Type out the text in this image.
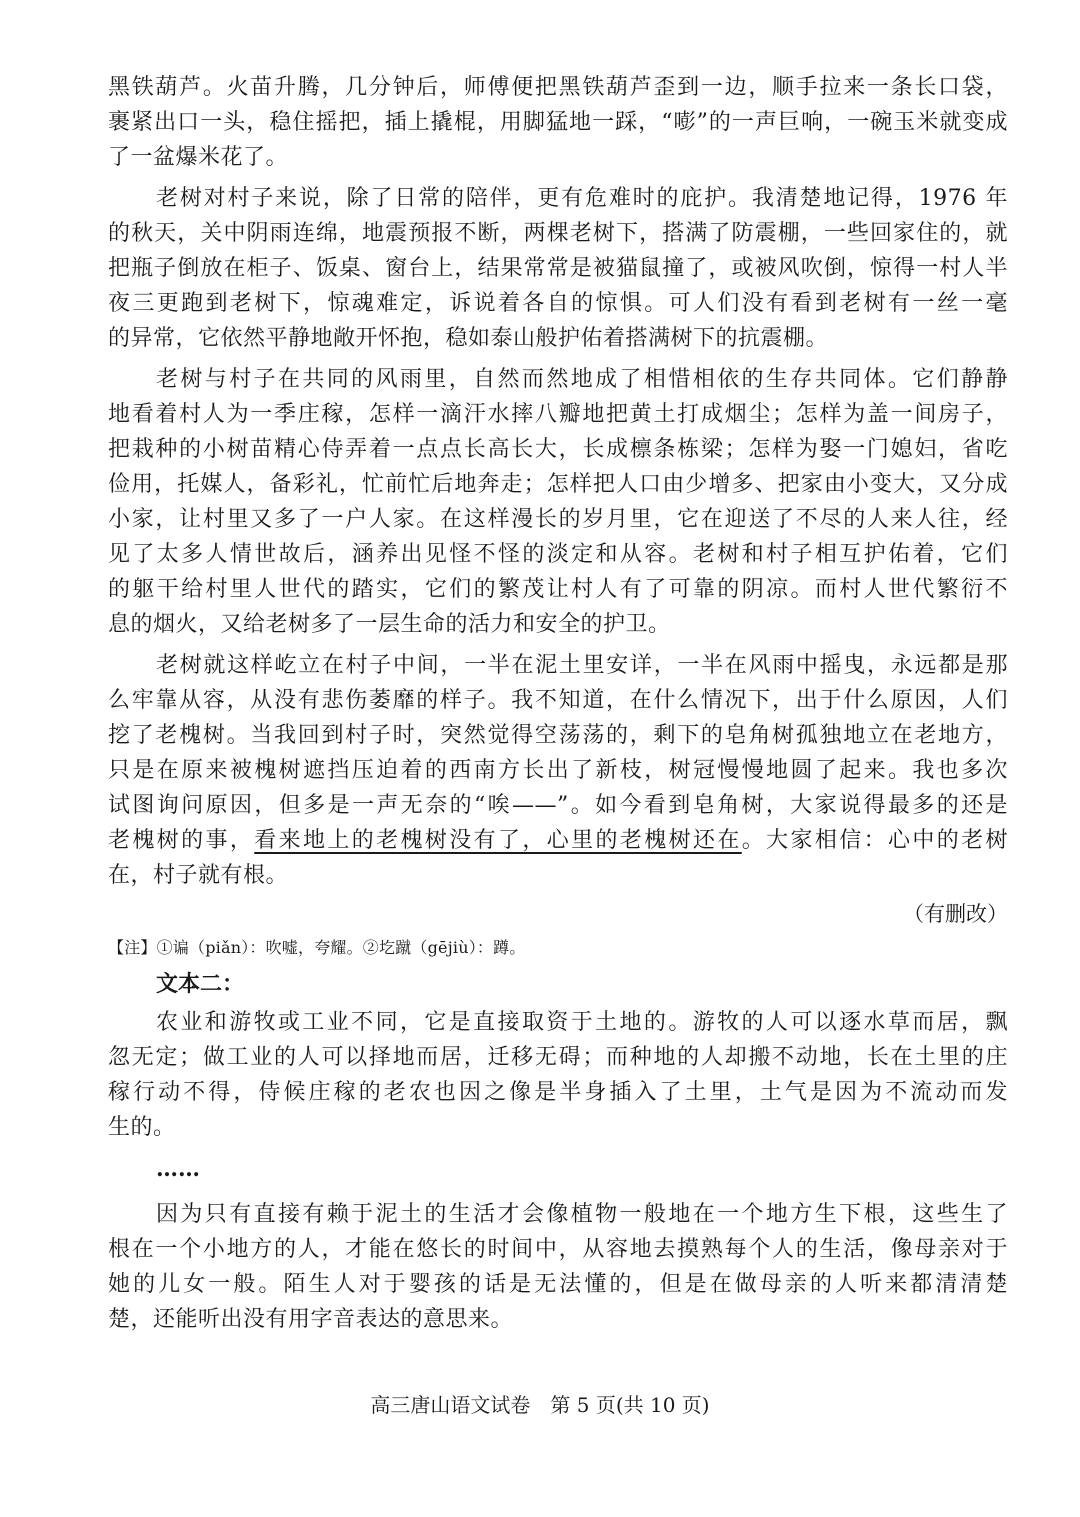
黑铁葫芦。火苗升腾，几分钟后，师傅便把黑铁葫芦歪到一边，顺手拉来一条长口袋，
裹紧出口一头，稳住摇把，插上撬棍，用脚猛地一踩，“嘭”的一声巨响，一碗玉米就变成
了一盆爆米花了。
老树对村子来说，除了日常的陪伴，更有危难时的庇护。我清楚地记得，1976 年
的秋天，关中阴雨连绵，地震预报不断，两棵老树下，搭满了防震棚，一些回家住的，就
把瓶子倒放在柜子、饭桌、窗台上，结果常常是被猫鼠撞了，或被风吹倒，惊得一村人半
夜三更跑到老树下，惊魂难定，诉说着各自的惊惧。可人们没有看到老树有一丝一毫
的异常，它依然平静地敞开怀抱，稳如泰山般护佑着搭满树下的抗震棚。
老树与村子在共同的风雨里，自然而然地成了相惜相依的生存共同体。它们静静
地看着村人为一季庄稼，怎样一滴汗水摔八瓣地把黄土打成烟尘；怎样为盖一间房子，
把栽种的小树苗精心侍弄着一点点长高长大，长成檩条栋梁；怎样为娶一门媳妇，省吃
俭用，托媒人，备彩礼，忙前忙后地奔走；怎样把人口由少增多、把家由小变大，又分成
小家，让村里又多了一户人家。在这样漫长的岁月里，它在迎送了不尽的人来人往，经
见了太多人情世故后，涵养出见怪不怪的淡定和从容。老树和村子相互护佑着，它们
的躯干给村里人世代的踏实，它们的繁茂让村人有了可靠的阴凉。而村人世代繁衍不
息的烟火，又给老树多了一层生命的活力和安全的护卫。
老树就这样屹立在村子中间，一半在泥土里安详，一半在风雨中摇曳，永远都是那
么牢靠从容，从没有悲伤萎靡的样子。我不知道，在什么情况下，出于什么原因，人们
挖了老槐树。当我回到村子时，突然觉得空荡荡的，剩下的皂角树孤独地立在老地方，
只是在原来被槐树遮挡压迫着的西南方长出了新枝，树冠慢慢地圆了起来。我也多次
试图询问原因，但多是一声无奈的“唉——”。如今看到皂角树，大家说得最多的还是
老槐树的事，看来地上的老槐树没有了，心里的老槐树还在。大家相信：心中的老树
在，村子就有根。
（有删改）
【注】①谝（piǎn）：吹嘘，夸耀。②圪蹴（gējiù）：蹲。
文本二：
农业和游牧或工业不同，它是直接取资于土地的。游牧的人可以逐水草而居，飘
忽无定；做工业的人可以择地而居，迁移无碍；而种地的人却搬不动地，长在土里的庄
稼行动不得，侍候庄稼的老农也因之像是半身插入了土里，土气是因为不流动而发
生的。
……
因为只有直接有赖于泥土的生活才会像植物一般地在一个地方生下根，这些生了
根在一个小地方的人，才能在悠长的时间中，从容地去摸熟每个人的生活，像母亲对于
她的儿女一般。陌生人对于婴孩的话是无法懂的，但是在做母亲的人听来都清清楚
楚，还能听出没有用字音表达的意思来。
高三唐山语文试卷　第 5 页(共 10 页)
